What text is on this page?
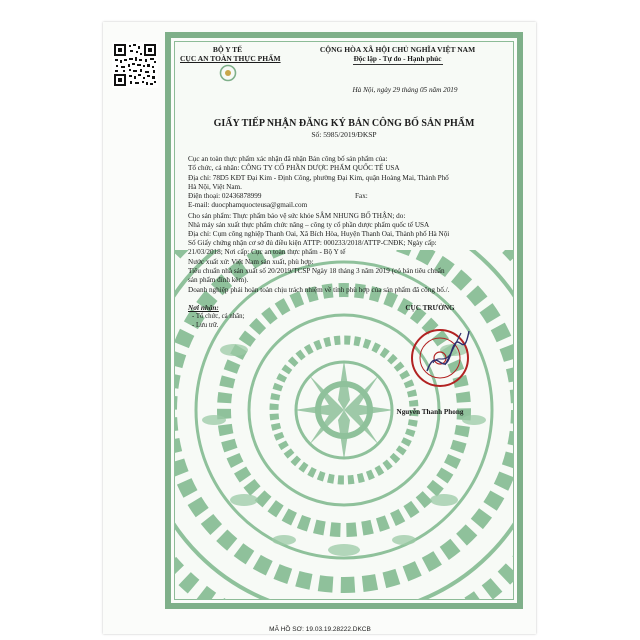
BỘ Y TẾ
CỤC AN TOÀN THỰC PHẨM
CỘNG HÒA XÃ HỘI CHỦ NGHĨA VIỆT NAM
Độc lập - Tự do - Hạnh phúc
Hà Nội, ngày 29 tháng 05 năm 2019
GIẤY TIẾP NHẬN ĐĂNG KÝ BẢN CÔNG BỐ SẢN PHẨM
Số: 5985/2019/ĐKSP
Cục an toàn thực phẩm xác nhận đã nhận Bản công bố sản phẩm của:
Tổ chức, cá nhân: CÔNG TY CỔ PHẦN DƯỢC PHẨM QUỐC TẾ USA
Địa chỉ: 78D5 KĐT Đại Kim - Định Công, phường Đại Kim, quận Hoàng Mai, Thành Phố
Hà Nội, Việt Nam.
Điện thoại: 02436878999	Fax:
E-mail: duocphamquocteusa@gmail.com
Cho sản phẩm: Thực phẩm bảo vệ sức khỏe SÂM NHUNG BỔ THẬN; do:
Nhà máy sản xuất thực phẩm chức năng – công ty cổ phần dược phẩm quốc tế USA
Địa chỉ: Cụm công nghiệp Thanh Oai, Xã Bích Hòa, Huyện Thanh Oai, Thành phố Hà Nội
Số Giấy chứng nhận cơ sở đủ điều kiện ATTP: 000233/2018/ATTP-CNĐK; Ngày cấp:
21/03/2018; Nơi cấp: Cục an toàn thực phẩm - Bộ Y tế
Nước xuất xứ: Việt Nam sản xuất, phù hợp:
Tiêu chuẩn nhà sản xuất số 20/2019/TCSP Ngày 18 tháng 3 năm 2019 (có bản tiêu chuẩn
sản phẩm đính kèm).
Doanh nghiệp phải hoàn toàn chịu trách nhiệm về tính phù hợp của sản phẩm đã công bố./.
Nơi nhận:
- Tổ chức, cá nhân;
- Lưu trữ.
CỤC TRƯỞNG
Nguyễn Thanh Phong
MÃ HỒ SƠ: 19.03.19.28222.DKCB
